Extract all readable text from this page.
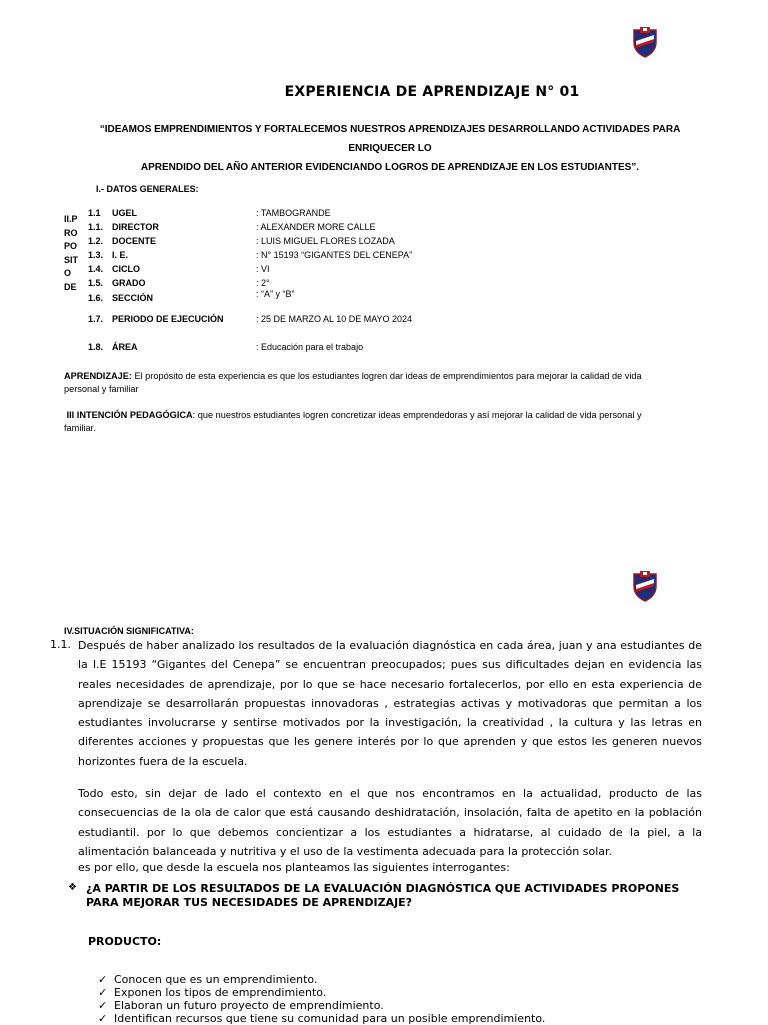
EXPERIENCIA DE APRENDIZAJE N° 01
“IDEAMOS EMPRENDIMIENTOS Y FORTALECEMOS NUESTROS APRENDIZAJES DESARROLLANDO ACTIVIDADES PARA ENRIQUECER LO
APRENDIDO DEL AÑO ANTERIOR EVIDENCIANDO LOGROS DE APRENDIZAJE EN LOS ESTUDIANTES”.
I.- DATOS GENERALES:
II.P
RO
PO
SIT
O
DE
1.1 UGEL	: TAMBOGRANDE
1.1. DIRECTOR	: ALEXANDER MORE CALLE
1.2. DOCENTE	: LUIS MIGUEL FLORES LOZADA
1.3. I. E.	: N° 15193 “GIGANTES DEL CENEPA”
1.4. CICLO	: VI
1.5. GRADO	: 2°
1.6. SECCIÓN	: “A” y “B”
1.7. PERIODO DE EJECUCIÓN	: 25 DE MARZO AL 10 DE MAYO 2024
1.8. ÁREA	: Educación para el trabajo
APRENDIZAJE: El propósito de esta experiencia es que los estudiantes logren dar ideas de emprendimientos para mejorar la calidad de vida
personal y familiar
III INTENCIÓN PEDAGÓGICA: que nuestros estudiantes logren concretizar ideas emprendedoras y así mejorar la calidad de vida personal y
familiar.
IV.SITUACIÓN SIGNIFICATIVA:
1.1. Después de haber analizado los resultados de la evaluación diagnóstica en cada área, juan y ana estudiantes de la I.E 15193 “Gigantes del Cenepa” se encuentran preocupados; pues sus dificultades dejan en evidencia las reales necesidades de aprendizaje, por lo que se hace necesario fortalecerlos, por ello en esta experiencia de aprendizaje se desarrollarán propuestas innovadoras , estrategias activas y motivadoras que permitan a los estudiantes involucrarse y sentirse motivados por la investigación, la creatividad , la cultura y las letras en diferentes acciones y propuestas que les genere interés por lo que aprenden y que estos les generen nuevos horizontes fuera de la escuela.
Todo esto, sin dejar de lado el contexto en el que nos encontramos en la actualidad, producto de las consecuencias de la ola de calor que está causando deshidratación, insolación, falta de apetito en la población estudiantil. por lo que debemos concientizar a los estudiantes a hidratarse, al cuidado de la piel, a la alimentación balanceada y nutritiva y el uso de la vestimenta adecuada para la protección solar.
es por ello, que desde la escuela nos planteamos las siguientes interrogantes:
❖ ¿A PARTIR DE LOS RESULTADOS DE LA EVALUACIÓN DIAGNÓSTICA QUE ACTIVIDADES PROPONES PARA MEJORAR TUS NECESIDADES DE APRENDIZAJE?
PRODUCTO:
✓ Conocen que es un emprendimiento.
✓ Exponen los tipos de emprendimiento.
✓ Elaboran un futuro proyecto de emprendimiento.
✓ Identifican recursos que tiene su comunidad para un posible emprendimiento.
